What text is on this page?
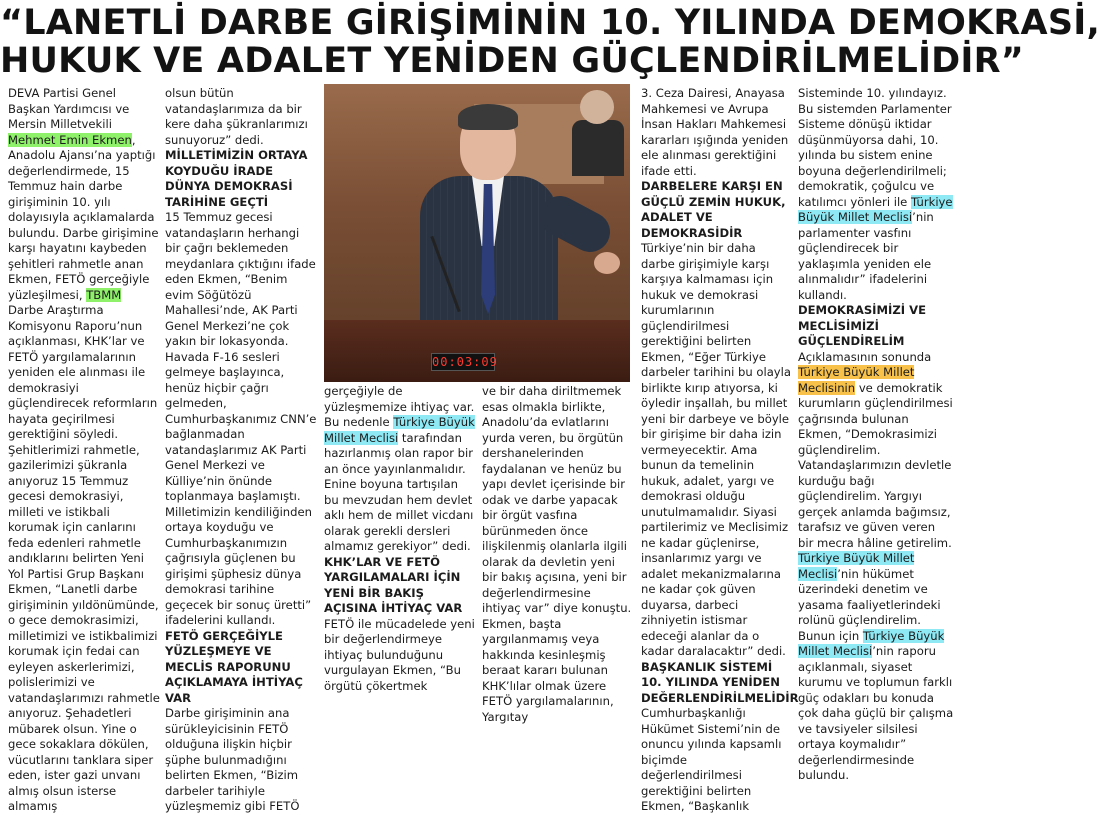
“LANETLİ DARBE GİRİŞİMİNİN 10. YILINDA DEMOKRASİ,
HUKUK VE ADALET YENİDEN GÜÇLENDİRİLMELİDİR”

DEVA Partisi Genel Başkan Yardımcısı ve Mersin Milletvekili Mehmet Emin Ekmen, Anadolu Ajansı’na yaptığı değerlendirmede, 15 Temmuz hain darbe girişiminin 10. yılı dolayısıyla açıklamalarda bulundu. Darbe girişimine karşı hayatını kaybeden şehitleri rahmetle anan Ekmen, FETÖ gerçeğiyle yüzleşilmesi, TBMM Darbe Araştırma Komisyonu Raporu’nun açıklanması, KHK’lar ve FETÖ yargılamalarının yeniden ele alınması ile demokrasiyi güçlendirecek reformların hayata geçirilmesi gerektiğini söyledi.

Şehitlerimizi rahmetle, gazilerimizi şükranla anıyoruz 15 Temmuz gecesi demokrasiyi, milleti ve istikbali korumak için canlarını feda edenleri rahmetle andıklarını belirten Yeni Yol Partisi Grup Başkanı Ekmen, “Lanetli darbe girişiminin yıldönümünde, o gece demokrasimizi, milletimizi ve istikbalimizi korumak için fedai can eyleyen askerlerimizi, polislerimizi ve vatandaşlarımızı rahmetle anıyoruz. Şehadetleri mübarek olsun. Yine o gece sokaklara dökülen, vücutlarını tanklara siper eden, ister gazi unvanı almış olsun isterse almamış

olsun bütün vatandaşlarımıza da bir kere daha şükranlarımızı sunuyoruz” dedi.

MİLLETİMİZİN ORTAYA KOYDUĞU İRADE DÜNYA DEMOKRASİ TARİHİNE GEÇTİ

15 Temmuz gecesi vatandaşların herhangi bir çağrı beklemeden meydanlara çıktığını ifade eden Ekmen, “Benim evim Söğütözü Mahallesi’nde, AK Parti Genel Merkezi’ne çok yakın bir lokasyonda. Havada F-16 sesleri gelmeye başlayınca, henüz hiçbir çağrı gelmeden, Cumhurbaşkanımız CNN’e bağlanmadan vatandaşlarımız AK Parti Genel Merkezi ve Külliye’nin önünde toplanmaya başlamıştı. Milletimizin kendiliğinden ortaya koyduğu ve Cumhurbaşkanımızın çağrısıyla güçlenen bu girişimi şüphesiz dünya demokrasi tarihine geçecek bir sonuç üretti” ifadelerini kullandı.

FETÖ GERÇEĞİYLE YÜZLEŞMEYE VE MECLİS RAPORUNU AÇIKLAMAYA İHTİYAÇ VAR

Darbe girişiminin ana sürükleyicisinin FETÖ olduğuna ilişkin hiçbir şüphe bulunmadığını belirten Ekmen, “Bizim darbeler tarihiyle yüzleşmemiz gibi FETÖ

00:03:09

gerçeğiyle de yüzleşmemize ihtiyaç var. Bu nedenle Türkiye Büyük Millet Meclisi tarafından hazırlanmış olan rapor bir an önce yayınlanmalıdır. Enine boyuna tartışılan bu mevzudan hem devlet aklı hem de millet vicdanı olarak gerekli dersleri almamız gerekiyor” dedi.

KHK’LAR VE FETÖ YARGILAMALARI İÇİN YENİ BİR BAKIŞ AÇISINA İHTİYAÇ VAR

FETÖ ile mücadelede yeni bir değerlendirmeye ihtiyaç bulunduğunu vurgulayan Ekmen, “Bu örgütü çökertmek

ve bir daha diriltmemek esas olmakla birlikte, Anadolu’da evlatlarını yurda veren, bu örgütün dershanelerinden faydalanan ve henüz bu yapı devlet içerisinde bir odak ve darbe yapacak bir örgüt vasfına bürünmeden önce ilişkilenmiş olanlarla ilgili olarak da devletin yeni bir bakış açısına, yeni bir değerlendirmesine ihtiyaç var” diye konuştu.

Ekmen, başta yargılanmamış veya hakkında kesinleşmiş beraat kararı bulunan KHK’lılar olmak üzere FETÖ yargılamalarının, Yargıtay

3. Ceza Dairesi, Anayasa Mahkemesi ve Avrupa İnsan Hakları Mahkemesi kararları ışığında yeniden ele alınması gerektiğini ifade etti.

DARBELERE KARŞI EN GÜÇLÜ ZEMİN HUKUK, ADALET VE DEMOKRASİDİR

Türkiye’nin bir daha darbe girişimiyle karşı karşıya kalmaması için hukuk ve demokrasi kurumlarının güçlendirilmesi gerektiğini belirten Ekmen, “Eğer Türkiye darbeler tarihini bu olayla birlikte kırıp atıyorsa, ki öyledir inşallah, bu millet yeni bir darbeye ve böyle bir girişime bir daha izin vermeyecektir. Ama bunun da temelinin hukuk, adalet, yargı ve demokrasi olduğu unutulmamalıdır. Siyasi partilerimiz ve Meclisimiz ne kadar güçlenirse, insanlarımız yargı ve adalet mekanizmalarına ne kadar çok güven duyarsa, darbeci zihniyetin istismar edeceği alanlar da o kadar daralacaktır” dedi.

BAŞKANLIK SİSTEMİ 10. YILINDA YENİDEN DEĞERLENDİRİLMELİDİR

Cumhurbaşkanlığı Hükümet Sistemi’nin de onuncu yılında kapsamlı biçimde değerlendirilmesi gerektiğini belirten Ekmen, “Başkanlık

Sisteminde 10. yılındayız. Bu sistemden Parlamenter Sisteme dönüşü iktidar düşünmüyorsa dahi, 10. yılında bu sistem enine boyuna değerlendirilmeli; demokratik, çoğulcu ve katılımcı yönleri ile Türkiye Büyük Millet Meclisi’nin parlamenter vasfını güçlendirecek bir yaklaşımla yeniden ele alınmalıdır” ifadelerini kullandı.

DEMOKRASİMİZİ VE MECLİSİMİZİ GÜÇLENDİRELİM

Açıklamasının sonunda Türkiye Büyük Millet Meclisinin ve demokratik kurumların güçlendirilmesi çağrısında bulunan Ekmen, “Demokrasimizi güçlendirelim. Vatandaşlarımızın devletle kurduğu bağı güçlendirelim. Yargıyı gerçek anlamda bağımsız, tarafsız ve güven veren bir mecra hâline getirelim. Türkiye Büyük Millet Meclisi’nin hükümet üzerindeki denetim ve yasama faaliyetlerindeki rolünü güçlendirelim. Bunun için Türkiye Büyük Millet Meclisi’nin raporu açıklanmalı, siyaset kurumu ve toplumun farklı güç odakları bu konuda çok daha güçlü bir çalışma ve tavsiyeler silsilesi ortaya koymalıdır” değerlendirmesinde bulundu.
